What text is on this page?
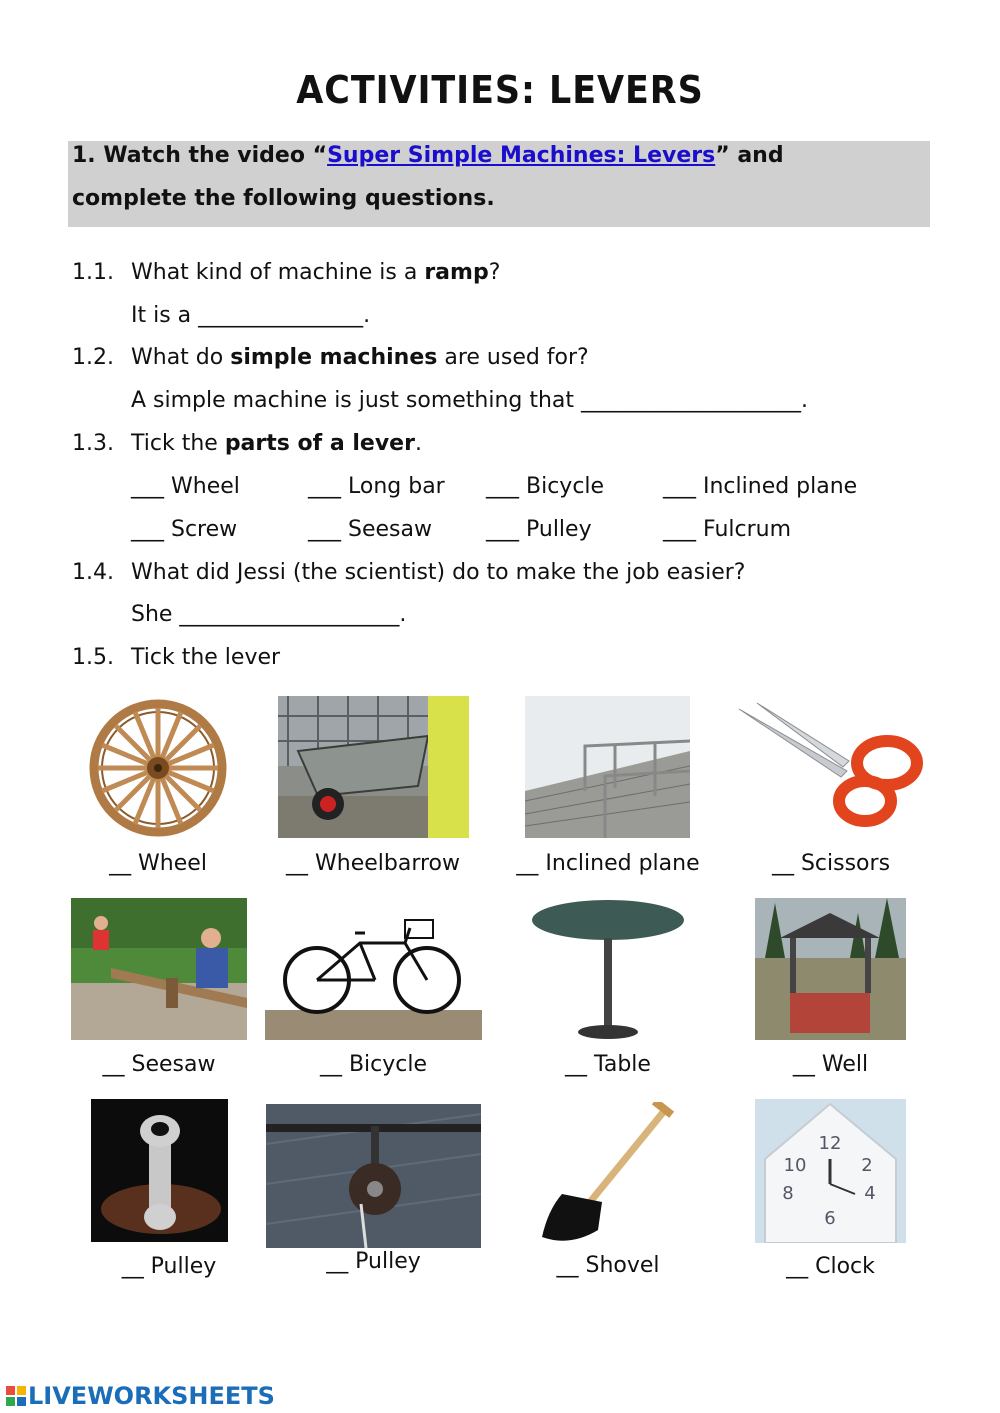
ACTIVITIES: LEVERS
1. Watch the video “Super Simple Machines: Levers” and
complete the following questions.
1.1. What kind of machine is a ramp?
It is a _______________.
1.2. What do simple machines are used for?
A simple machine is just something that ____________________.
1.3. Tick the parts of a lever.
___ Wheel	___ Long bar ___ Bicycle	___ Inclined plane
___ Screw	___ Seesaw ___ Pulley	___ Fulcrum
1.4. What did Jessi (the scientist) do to make the job easier?
She ____________________.
1.5. Tick the lever
__ Wheel	__ Wheelbarrow	__ Inclined plane	__ Scissors
__ Seesaw	__ Bicycle	__ Table	__ Well
12
10	2
8	4
6
__ Pulley	__ Pulley	__ Shovel	__ Clock
LIVEWORKSHEETS
